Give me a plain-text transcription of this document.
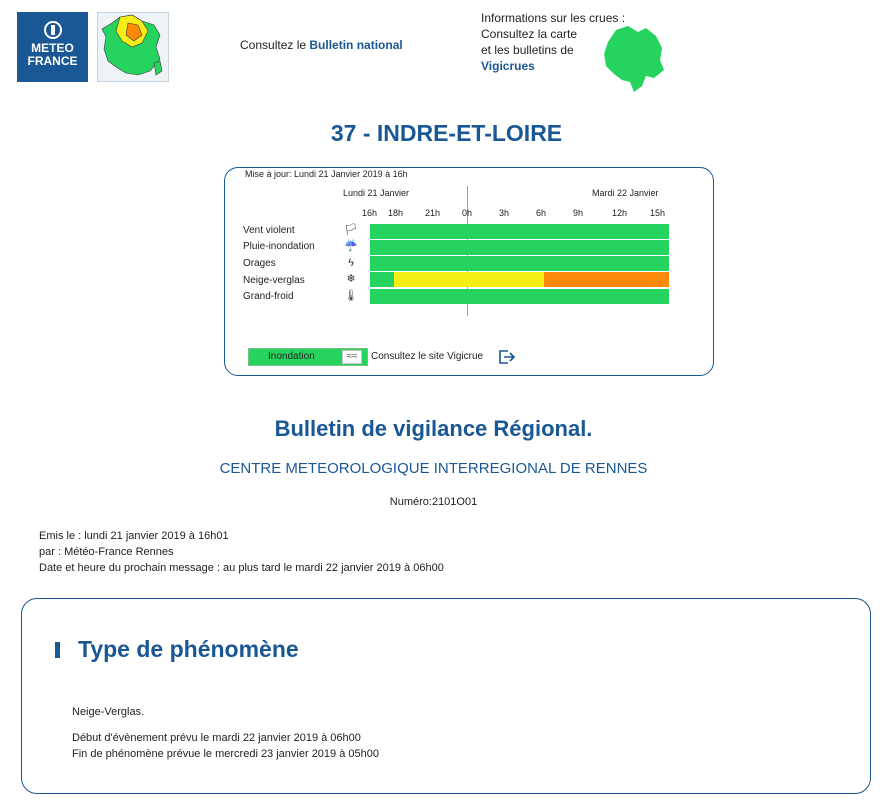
METEO
FRANCE
Consultez le Bulletin national
Informations sur les crues :
Consultez la carte
et les bulletins de
Vigicrues
37 - INDRE-ET-LOIRE
Mise à jour: Lundi 21 Janvier 2019 à 16h
Lundi 21 Janvier	Mardi 22 Janvier
16h 18h 21h 0h	3h	6h	9h	12h	15h
Vent violent	🏳
Pluie-inondation	☔
Orages	ϟ
Neige-verglas	❄
Grand-froid	🌡
Inondation	≈≈	Consultez le site Vigicrue
Bulletin de vigilance Régional.
CENTRE METEOROLOGIQUE INTERREGIONAL DE RENNES
Numéro:2101O01
Emis le : lundi 21 janvier 2019 à 16h01
par : Météo-France Rennes
Date et heure du prochain message : au plus tard le mardi 22 janvier 2019 à 06h00
Type de phénomène
Neige-Verglas.
Début d'évènement prévu le mardi 22 janvier 2019 à 06h00
Fin de phénomène prévue le mercredi 23 janvier 2019 à 05h00
